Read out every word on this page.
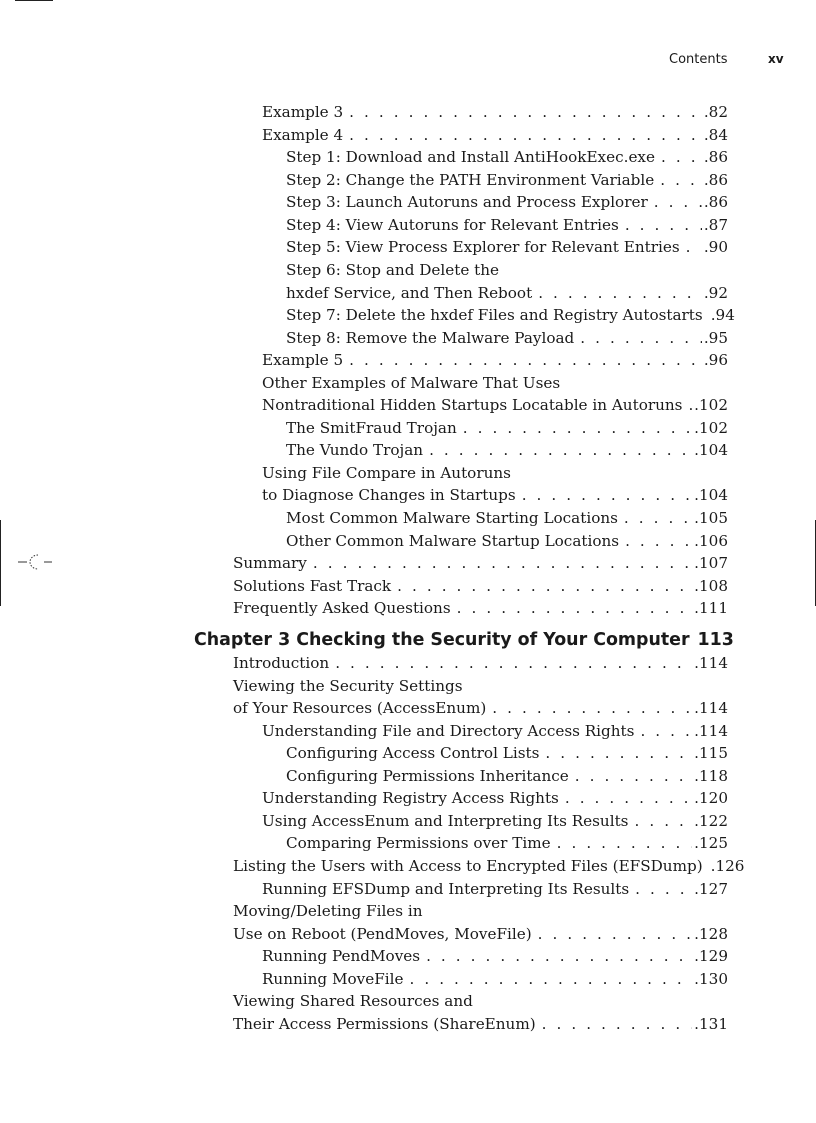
Contents	xv
Example 3 . . .	.82
Example 4 . . .	.84
Step 1: Download and Install AntiHookExec.exe . . .	.86
Step 2: Change the PATH Environment Variable . . .	.86
Step 3: Launch Autoruns and Process Explorer . . .	.86
Step 4: View Autoruns for Relevant Entries . . .	.87
Step 5: View Process Explorer for Relevant Entries . . . .90
Step 6: Stop and Delete the
hxdef Service, and Then Reboot . . .	.92
Step 7: Delete the hxdef Files and Registry Autostarts .94
Step 8: Remove the Malware Payload . . .	.95
Example 5 . . .	.96
Other Examples of Malware That Uses
Nontraditional Hidden Startups Locatable in Autoruns . . . .102
The SmitFraud Trojan . . .	.102
The Vundo Trojan . . .	.104
Using File Compare in Autoruns
to Diagnose Changes in Startups . . .	.104
Most Common Malware Starting Locations . . .	.105
Other Common Malware Startup Locations . . .	.106
Summary . . .	.107
Solutions Fast Track . . .	.108
Frequently Asked Questions . . .	.111
Chapter 3 Checking the Security of Your Computer 113
Introduction . . .	.114
Viewing the Security Settings
of Your Resources (AccessEnum) . . .	.114
Understanding File and Directory Access Rights . . .	.114
Configuring Access Control Lists . . .	.115
Configuring Permissions Inheritance . . .	.118
Understanding Registry Access Rights . . .	.120
Using AccessEnum and Interpreting Its Results . . .	.122
Comparing Permissions over Time . . .	.125
Listing the Users with Access to Encrypted Files (EFSDump) .126
Running EFSDump and Interpreting Its Results . . .	.127
Moving/Deleting Files in
Use on Reboot (PendMoves, MoveFile) . . .	.128
Running PendMoves . . .	.129
Running MoveFile . . .	.130
Viewing Shared Resources and
Their Access Permissions (ShareEnum) . . .	.131
